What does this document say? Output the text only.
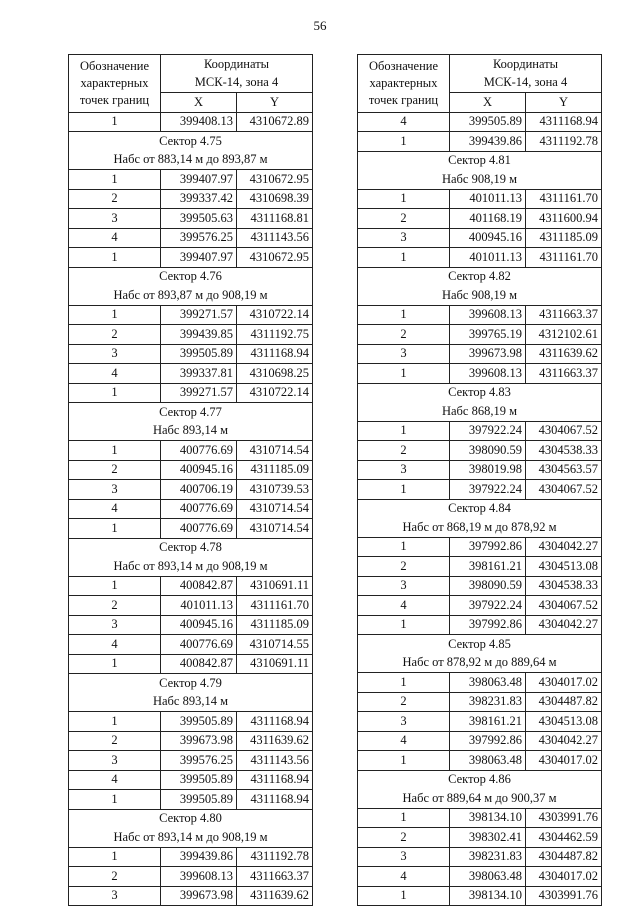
56
Обозначение
характерных
точек границ	Координаты	
	МСК-14, зона 4	
	X	Y
1	399408.13	4310672.89
Сектор 4.75		
Набс от 883,14 м до 893,87 м		
1	399407.97	4310672.95
2	399337.42	4310698.39
3	399505.63	4311168.81
4	399576.25	4311143.56
1	399407.97	4310672.95
Сектор 4.76		
Набс от 893,87 м до 908,19 м		
1	399271.57	4310722.14
2	399439.85	4311192.75
3	399505.89	4311168.94
4	399337.81	4310698.25
1	399271.57	4310722.14
Сектор 4.77		
Набс 893,14 м		
1	400776.69	4310714.54
2	400945.16	4311185.09
3	400706.19	4310739.53
4	400776.69	4310714.54
1	400776.69	4310714.54
Сектор 4.78		
Набс от 893,14 м до 908,19 м		
1	400842.87	4310691.11
2	401011.13	4311161.70
3	400945.16	4311185.09
4	400776.69	4310714.55
1	400842.87	4310691.11
Сектор 4.79		
Набс 893,14 м		
1	399505.89	4311168.94
2	399673.98	4311639.62
3	399576.25	4311143.56
4	399505.89	4311168.94
1	399505.89	4311168.94
Сектор 4.80		
Набс от 893,14 м до 908,19 м		
1	399439.86	4311192.78
2	399608.13	4311663.37
3	399673.98	4311639.62
Обозначение
характерных
точек границ	Координаты	
	МСК-14, зона 4	
	X	Y
4	399505.89	4311168.94
1	399439.86	4311192.78
Сектор 4.81		
Набс 908,19 м		
1	401011.13	4311161.70
2	401168.19	4311600.94
3	400945.16	4311185.09
1	401011.13	4311161.70
Сектор 4.82		
Набс 908,19 м		
1	399608.13	4311663.37
2	399765.19	4312102.61
3	399673.98	4311639.62
1	399608.13	4311663.37
Сектор 4.83		
Набс 868,19 м		
1	397922.24	4304067.52
2	398090.59	4304538.33
3	398019.98	4304563.57
1	397922.24	4304067.52
Сектор 4.84		
Набс от 868,19 м до 878,92 м		
1	397992.86	4304042.27
2	398161.21	4304513.08
3	398090.59	4304538.33
4	397922.24	4304067.52
1	397992.86	4304042.27
Сектор 4.85		
Набс от 878,92 м до 889,64 м		
1	398063.48	4304017.02
2	398231.83	4304487.82
3	398161.21	4304513.08
4	397992.86	4304042.27
1	398063.48	4304017.02
Сектор 4.86		
Набс от 889,64 м до 900,37 м		
1	398134.10	4303991.76
2	398302.41	4304462.59
3	398231.83	4304487.82
4	398063.48	4304017.02
1	398134.10	4303991.76
